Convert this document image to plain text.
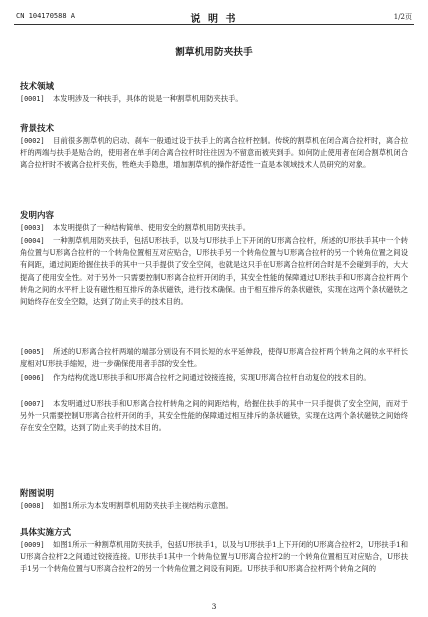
CN 104170588 A	说 明 书	1/2页
割草机用防夹扶手
技术领域
[0001] 本发明涉及一种扶手，具体的说是一种割草机用防夹扶手。
背景技术
[0002] 目前很多割草机的启动、刹车一般通过设于扶手上的离合拉杆控制。传统的割草机在闭合离合拉杆时，离合拉杆的两端与扶手是贴合的，使用者在单手闭合离合拉杆时往往因为不留意而被夹到手。如何防止使用者在闭合割草机闭合离合拉杆时不被离合拉杆夹伤，牲绝夫手隐患，增加割草机的操作舒适性一直是本领域技术人员研究的对象。
发明内容
[0003] 本发明提供了一种结构简单、使用安全的割草机用防夹扶手。
[0004] 一种割草机用防夹扶手，包括U形扶手，以及与U形扶手上下开闭的U形离合拉杆，所述的U形扶手其中一个转角位置与U形离合拉杆的一个转角位置相互对应贴合，U形扶手另一个转角位置与U形离合拉杆的另一个转角位置之间设有间距，通过间距给握住扶手的其中一只手提供了安全空间，也就是这只手在U形离合拉杆闭合时是不会碰到手的，大大提高了使用安全性。对于另外一只需要控制U形离合拉杆开闭的手，其安全性能的保障通过U形扶手和U形离合拉杆两个转角之间的水平杆上设有磁性相互排斥的条状磁铁，进行技术确保。由于相互排斥的条状磁铁，实现在这两个条状磁铁之间始终存在安全空隙，达到了防止夹手的技术目的。
[0005] 所述的U形离合拉杆两端的端部分别设有不同长短的水平延伸段，使得U形离合拉杆两个转角之间的水平杆长度相对U形扶手缩短，进一步确保使用者手部的安全性。
[0006] 作为结构优选U形扶手和U形离合拉杆之间通过铰接连接，实现U形离合拉杆自动复位的技术目的。
[0007] 本发明通过U形扶手和U形离合拉杆转角之间的间距结构，给握住扶手的其中一只手提供了安全空间，而对于另外一只需要控制U形离合拉杆开闭的手，其安全性能的保障通过相互排斥的条状磁铁，实现在这两个条状磁铁之间始终存在安全空隙，达到了防止夹手的技术目的。
附图说明
[0008] 如图1所示为本发明割草机用防夹扶手主视结构示意图。
具体实施方式
[0009] 如图1所示一种割草机用防夹扶手，包括U形扶手1，以及与U形扶手1上下开闭的U形离合拉杆2，U形扶手1和U形离合拉杆2之间通过铰接连接。U形扶手1其中一个转角位置与U形离合拉杆2的一个转角位置相互对应贴合，U形扶手1另一个转角位置与U形离合拉杆2的另一个转角位置之间设有间距。U形扶手和U形离合拉杆两个转角之间的
3
